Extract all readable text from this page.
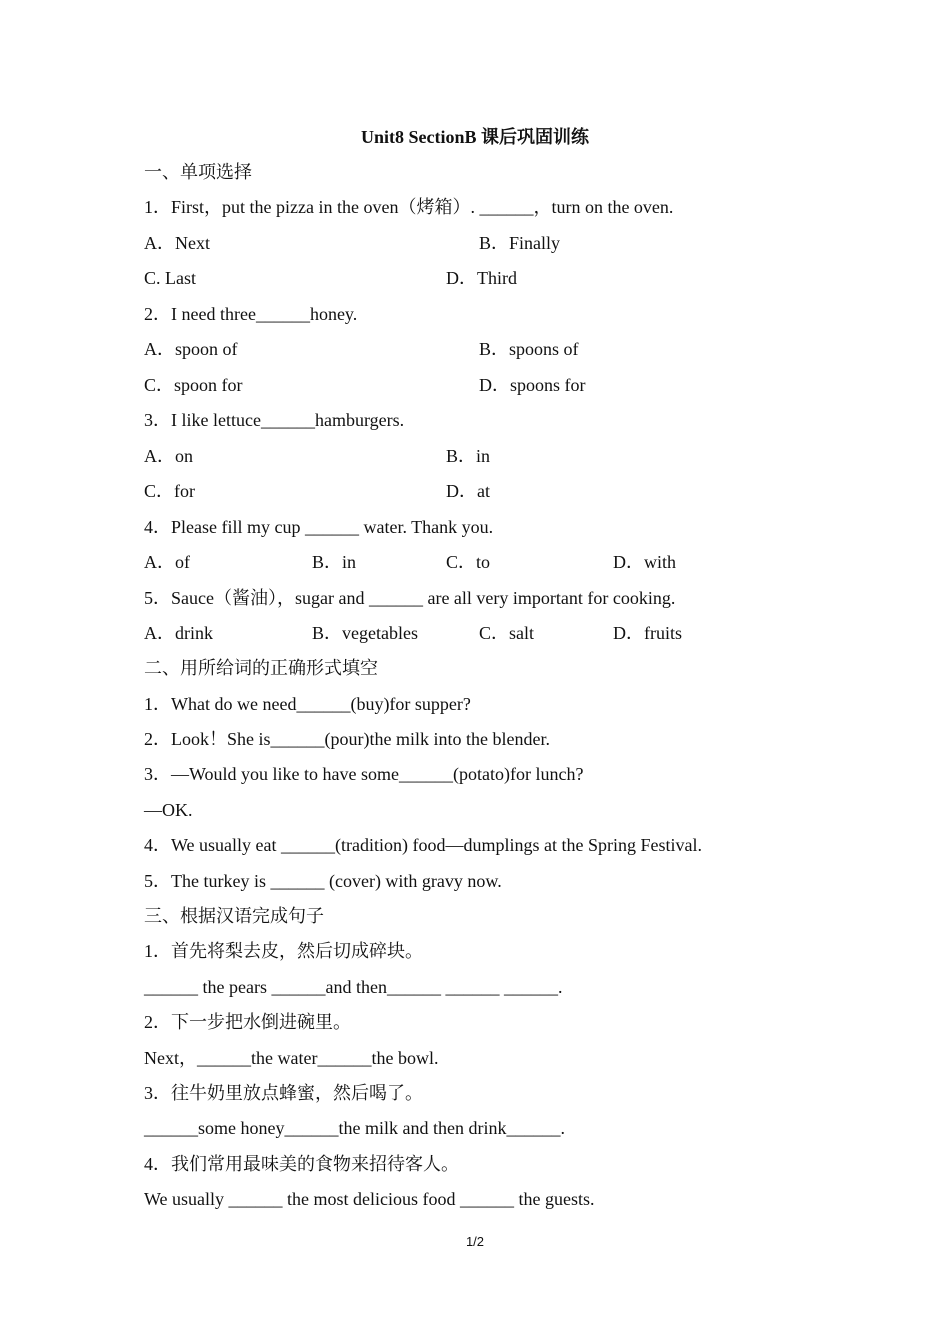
Unit8 SectionB 课后巩固训练
一、单项选择
1．First，put the pizza in the oven（烤箱）. ______，turn on the oven.
A．Next	B．Finally
C. Last	D．Third
2．I need three______honey.
A．spoon of	B．spoons of
C．spoon for	D．spoons for
3．I like lettuce______hamburgers.
A．on	B．in
C．for	D．at
4．Please fill my cup ______ water. Thank you.
A．of	B．in	C．to	D．with
5．Sauce（酱油），sugar and ______ are all very important for cooking.
A．drink	B．vegetables	C．salt	D．fruits
二、用所给词的正确形式填空
1．What do we need______(buy)for supper?
2．Look！She is______(pour)the milk into the blender.
3．—Would you like to have some______(potato)for lunch?
—OK.
4．We usually eat ______(tradition) food—dumplings at the Spring Festival.
5．The turkey is ______ (cover) with gravy now.
三、根据汉语完成句子
1．首先将梨去皮，然后切成碎块。
______ the pears ______and then______ ______ ______.
2．下一步把水倒进碗里。
Next，______the water______the bowl.
3．往牛奶里放点蜂蜜，然后喝了。
______some honey______the milk and then drink______.
4．我们常用最味美的食物来招待客人。
We usually ______ the most delicious food ______ the guests.
1/2
